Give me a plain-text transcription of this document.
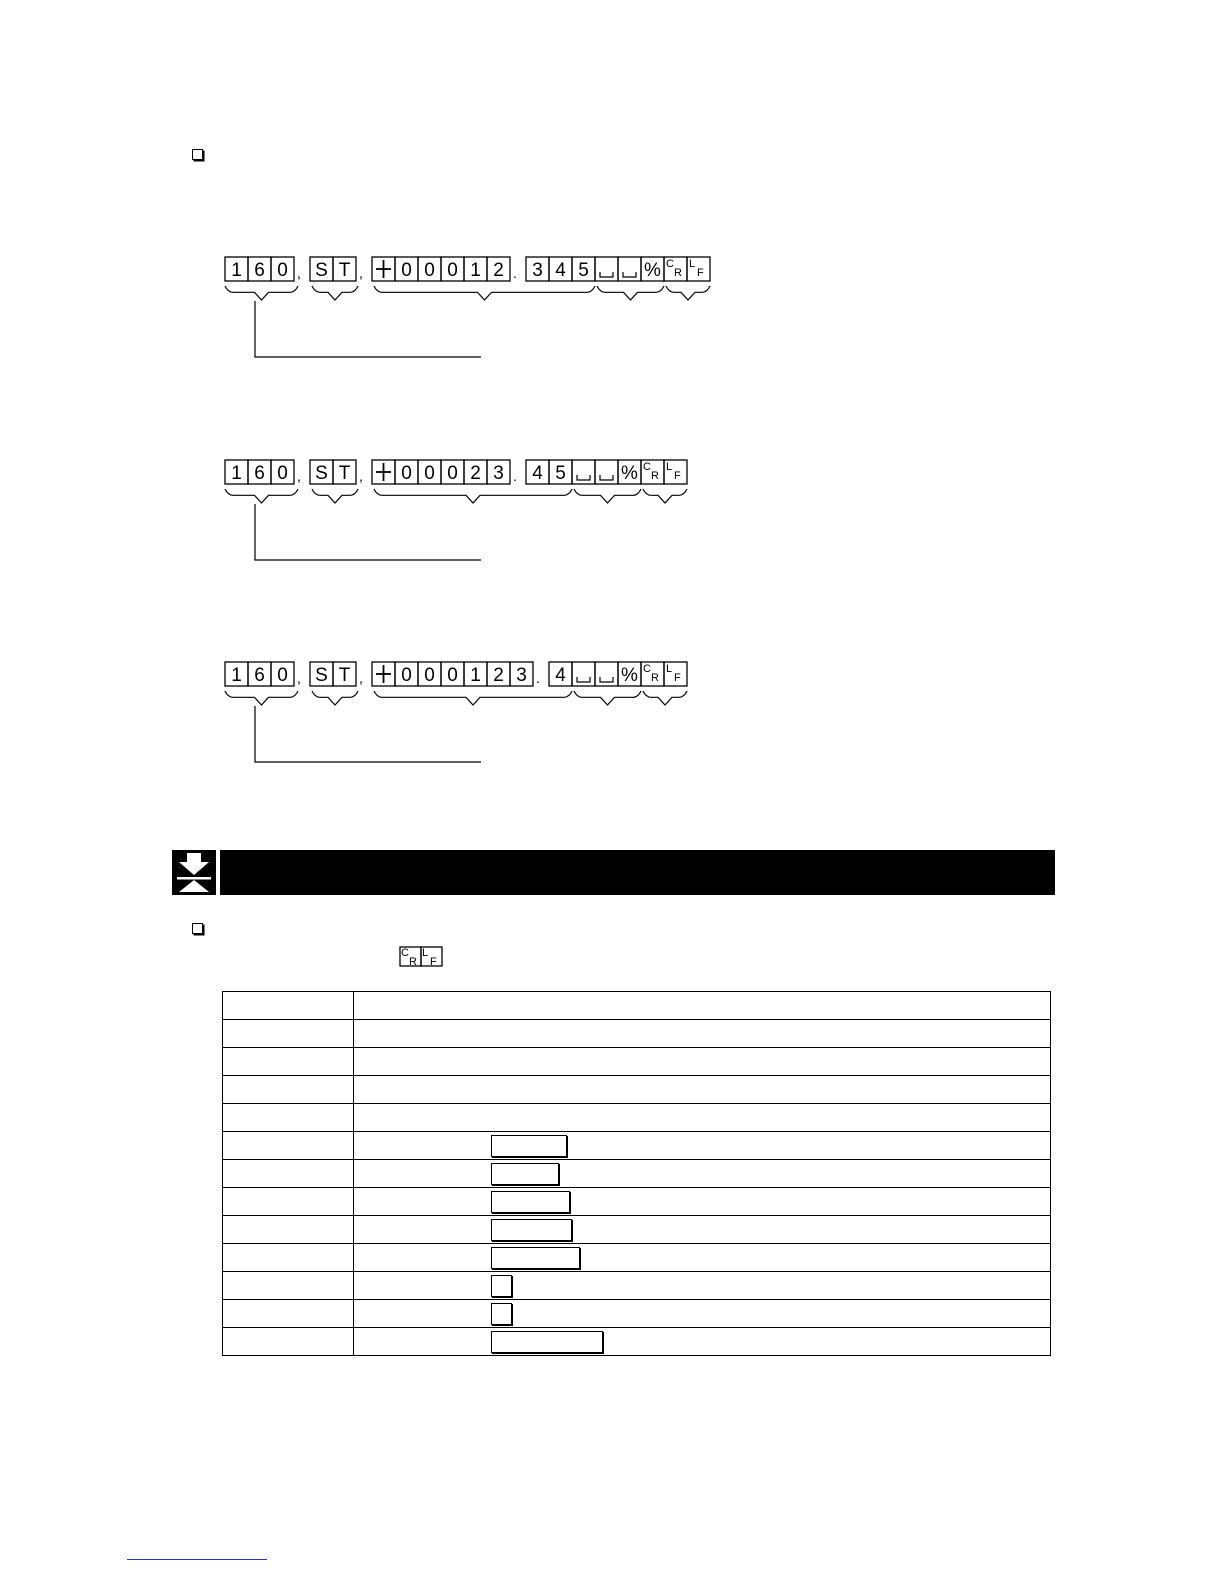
1 6 0 , S T , 0 0 0 1 2 . 3 4 5	% C
R
L
F
1 6 0 , S T , 0 0 0 2 3 . 4 5	% C
R
L
F
1 6 0 , S T , 0 0 0 1 2 3 . 4	% C
R
L
F
C
R
L
F
